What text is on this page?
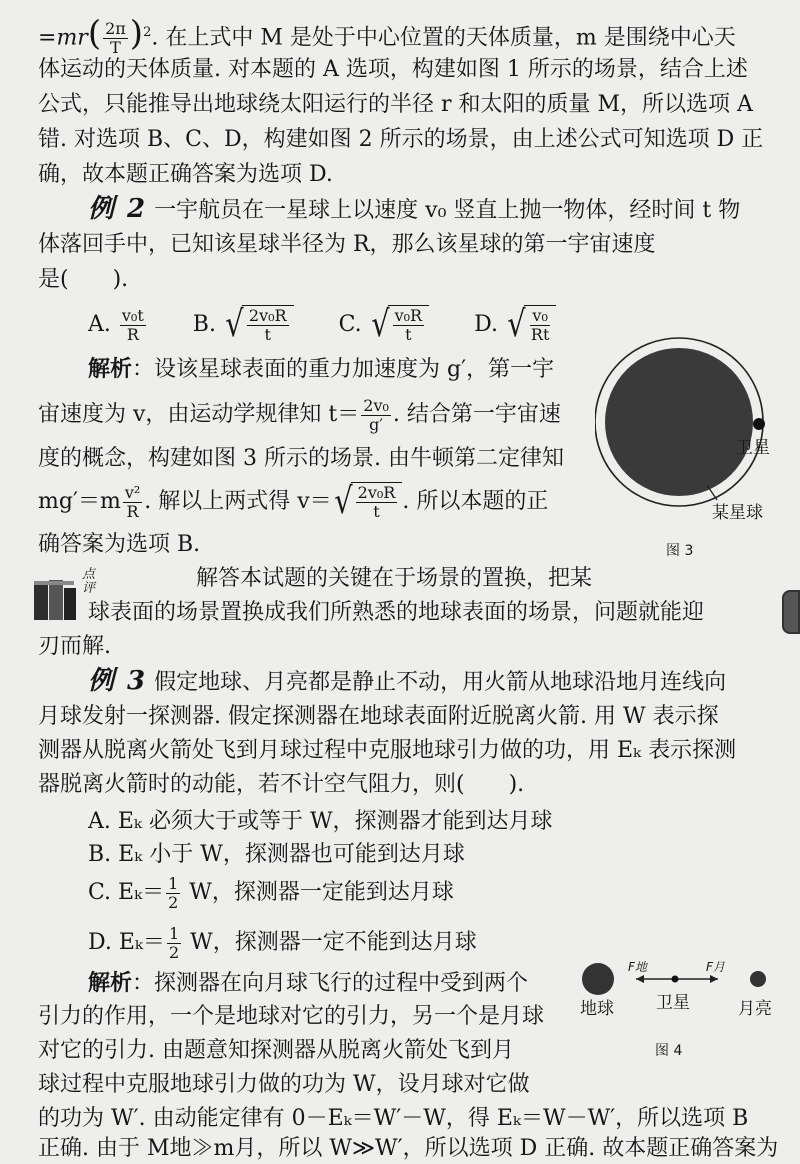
$=mr( \frac{2\pi}{T} )^2$. 在上式中 M 是处于中心位置的天体质量，m 是围绕中心天
体运动的天体质量. 对本题的 A 选项，构建如图 1 所示的场景，结合上述
公式，只能推导出地球绕太阳运行的半径 r 和太阳的质量 M，所以选项 A
错. 对选项 B、C、D，构建如图 2 所示的场景，由上述公式可知选项 D 正
确，故本题正确答案为选项 D.
例 2 一宇航员在一星球上以速度 v₀ 竖直上抛一物体，经时间 t 物
体落回手中，已知该星球半径为 R，那么该星球的第一宇宙速度
是(　　).
A. $\frac{\text{v₀t}}{R} B$. √ $\frac{\text{2v₀R}}{t} C$. √ $\frac{\text{v₀R}}{t} D$. √ $\frac{\text{v₀}}{Rt}$
解析：设该星球表面的重力加速度为 g′，第一宇
宙速度为 v，由运动学规律知 $t= \frac{\text{2v₀}}{g'}$ . 结合第一宇宙速
度的概念，构建如图 3 所示的场景. 由牛顿第二定律知
$mg'=m \frac{\text{v²}}{R}$ . 解以上两式得 v＝ √ $\frac{\text{2v₀R}}{t}$ . 所以本题的正
确答案为选项 B.
卫星
某星球
图 3
点评	解答本试题的关键在于场景的置换，把某
球表面的场景置换成我们所熟悉的地球表面的场景，问题就能迎
刃而解.
例 3 假定地球、月亮都是静止不动，用火箭从地球沿地月连线向
月球发射一探测器. 假定探测器在地球表面附近脱离火箭. 用 W 表示探
测器从脱离火箭处飞到月球过程中克服地球引力做的功，用 Eₖ 表示探测
器脱离火箭时的动能，若不计空气阻力，则(　　).
A. Eₖ 必须大于或等于 W，探测器才能到达月球
B. Eₖ 小于 W，探测器也可能到达月球
C. $E_k= \frac{1}{2}$ W，探测器一定能到达月球
D. $E_k= \frac{1}{2}$ W，探测器一定不能到达月球
解析：探测器在向月球飞行的过程中受到两个
引力的作用，一个是地球对它的引力，另一个是月球
对它的引力. 由题意知探测器从脱离火箭处飞到月
球过程中克服地球引力做的功为 W，设月球对它做
的功为 W′. 由动能定律有 0－Eₖ＝W′－W，得 Eₖ＝W－W′，所以选项 B
正确. 由于 M地≫m月，所以 W≫W′，所以选项 D 正确. 故本题正确答案为
F地	F月
地球 卫星	月亮
图 4
